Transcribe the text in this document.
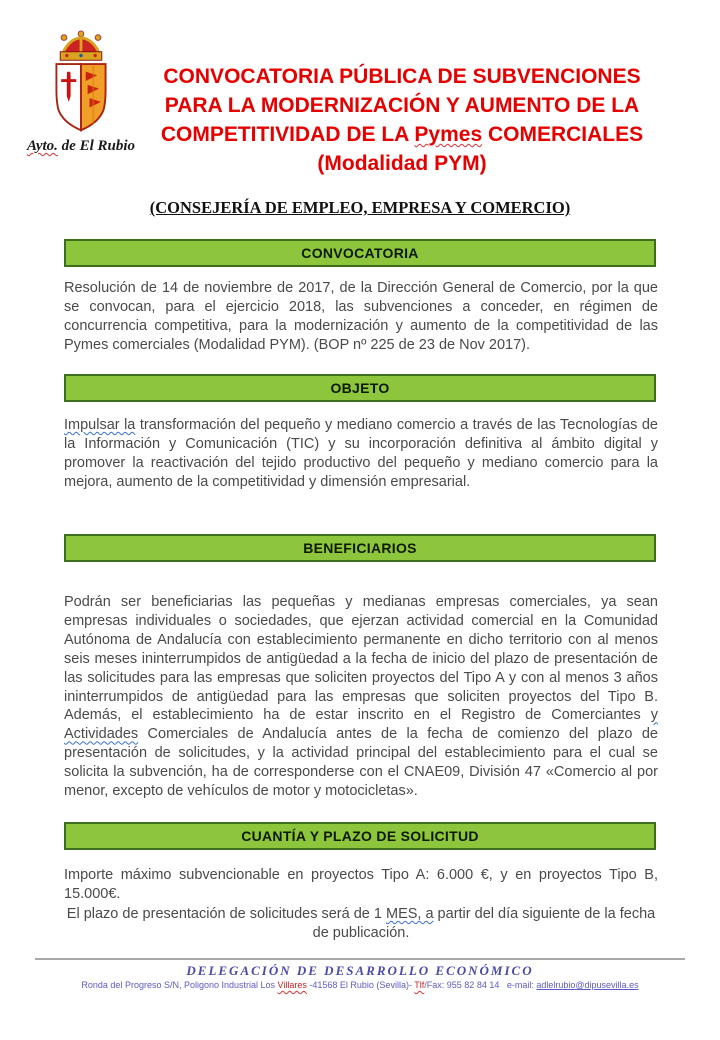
Ayto. de El Rubio
CONVOCATORIA PÚBLICA DE SUBVENCIONES
PARA LA MODERNIZACIÓN Y AUMENTO DE LA
COMPETITIVIDAD DE LA Pymes COMERCIALES
(Modalidad PYM)
(CONSEJERÍA DE EMPLEO, EMPRESA Y COMERCIO)
CONVOCATORIA

Resolución de 14 de noviembre de 2017, de la Dirección General de Comercio, por la que se convocan, para el ejercicio 2018, las subvenciones a conceder, en régimen de concurrencia competitiva, para la modernización y aumento de la competitividad de las Pymes comerciales (Modalidad PYM). (BOP nº 225 de 23 de Nov 2017).

OBJETO

Impulsar la transformación del pequeño y mediano comercio a través de las Tecnologías de la Información y Comunicación (TIC) y su incorporación definitiva al ámbito digital y promover la reactivación del tejido productivo del pequeño y mediano comercio para la mejora, aumento de la competitividad y dimensión empresarial.

BENEFICIARIOS

Podrán ser beneficiarias las pequeñas y medianas empresas comerciales, ya sean empresas individuales o sociedades, que ejerzan actividad comercial en la Comunidad Autónoma de Andalucía con establecimiento permanente en dicho territorio con al menos seis meses ininterrumpidos de antigüedad a la fecha de inicio del plazo de presentación de las solicitudes para las empresas que soliciten proyectos del Tipo A y con al menos 3 años ininterrumpidos de antigüedad para las empresas que soliciten proyectos del Tipo B. Además, el establecimiento ha de estar inscrito en el Registro de Comerciantes y Actividades Comerciales de Andalucía antes de la fecha de comienzo del plazo de presentación de solicitudes, y la actividad principal del establecimiento para el cual se solicita la subvención, ha de corresponderse con el CNAE09, División 47 «Comercio al por menor, excepto de vehículos de motor y motocicletas».

CUANTÍA Y PLAZO DE SOLICITUD

Importe máximo subvencionable en proyectos Tipo A: 6.000 €, y en proyectos Tipo B, 15.000€.

El plazo de presentación de solicitudes será de 1 MES, a partir del día siguiente de la fecha de publicación.

DELEGACIÓN DE DESARROLLO ECONÓMICO
Ronda del Progreso S/N, Poligono Industrial Los Villares -41568 El Rubio (Sevilla)- Tlf/Fax: 955 82 84 14   e-mail: adlelrubio@dipusevilla.es
